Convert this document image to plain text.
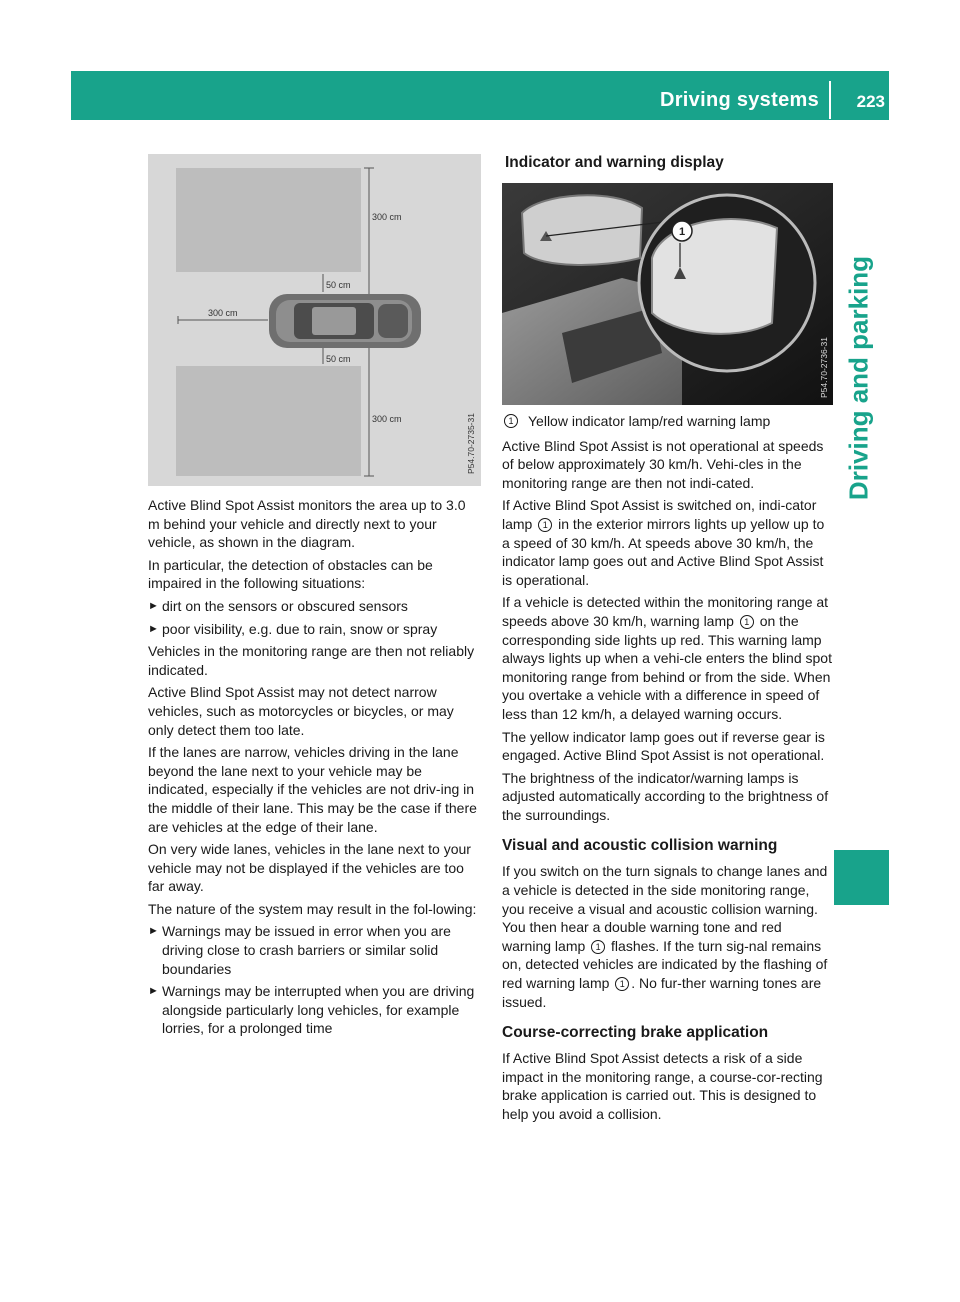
Driving systems 223
Driving and parking
300 cm
50 cm
300 cm
50 cm
300 cm	P54.70-2735-31
Indicator and warning display
1
P54.70-2736-31

Active Blind Spot Assist monitors the area up to 3.0 m behind your vehicle and directly next to your vehicle, as shown in the diagram.

In particular, the detection of obstacles can be impaired in the following situations:

► dirt on the sensors or obscured sensors
► poor visibility, e.g. due to rain, snow or spray

Vehicles in the monitoring range are then not reliably indicated.

Active Blind Spot Assist may not detect narrow vehicles, such as motorcycles or bicycles, or may only detect them too late.

If the lanes are narrow, vehicles driving in the lane beyond the lane next to your vehicle may be indicated, especially if the vehicles are not driv-ing in the middle of their lane. This may be the case if there are vehicles at the edge of their lane.

On very wide lanes, vehicles in the lane next to your vehicle may not be displayed if the vehicles are too far away.

The nature of the system may result in the fol-lowing:

► Warnings may be issued in error when you are driving close to crash barriers or similar solid boundaries
► Warnings may be interrupted when you are driving alongside particularly long vehicles, for example lorries, for a prolonged time
1	Yellow indicator lamp/red warning lamp

Active Blind Spot Assist is not operational at speeds of below approximately 30 km/h. Vehi-cles in the monitoring range are then not indi-cated.

If Active Blind Spot Assist is switched on, indi-cator lamp 1 in the exterior mirrors lights up yellow up to a speed of 30 km/h. At speeds above 30 km/h, the indicator lamp goes out and Active Blind Spot Assist is operational.

If a vehicle is detected within the monitoring range at speeds above 30 km/h, warning lamp 1 on the corresponding side lights up red. This warning lamp always lights up when a vehi-cle enters the blind spot monitoring range from behind or from the side. When you overtake a vehicle with a difference in speed of less than 12 km/h, a delayed warning occurs.

The yellow indicator lamp goes out if reverse gear is engaged. Active Blind Spot Assist is not operational.

The brightness of the indicator/warning lamps is adjusted automatically according to the brightness of the surroundings.

Visual and acoustic collision warning

If you switch on the turn signals to change lanes and a vehicle is detected in the side monitoring range, you receive a visual and acoustic collision warning. You then hear a double warning tone and red warning lamp 1 flashes. If the turn sig-nal remains on, detected vehicles are indicated by the flashing of red warning lamp 1 . No fur-ther warning tones are issued.

Course-correcting brake application

If Active Blind Spot Assist detects a risk of a side impact in the monitoring range, a course-cor-recting brake application is carried out. This is designed to help you avoid a collision.
